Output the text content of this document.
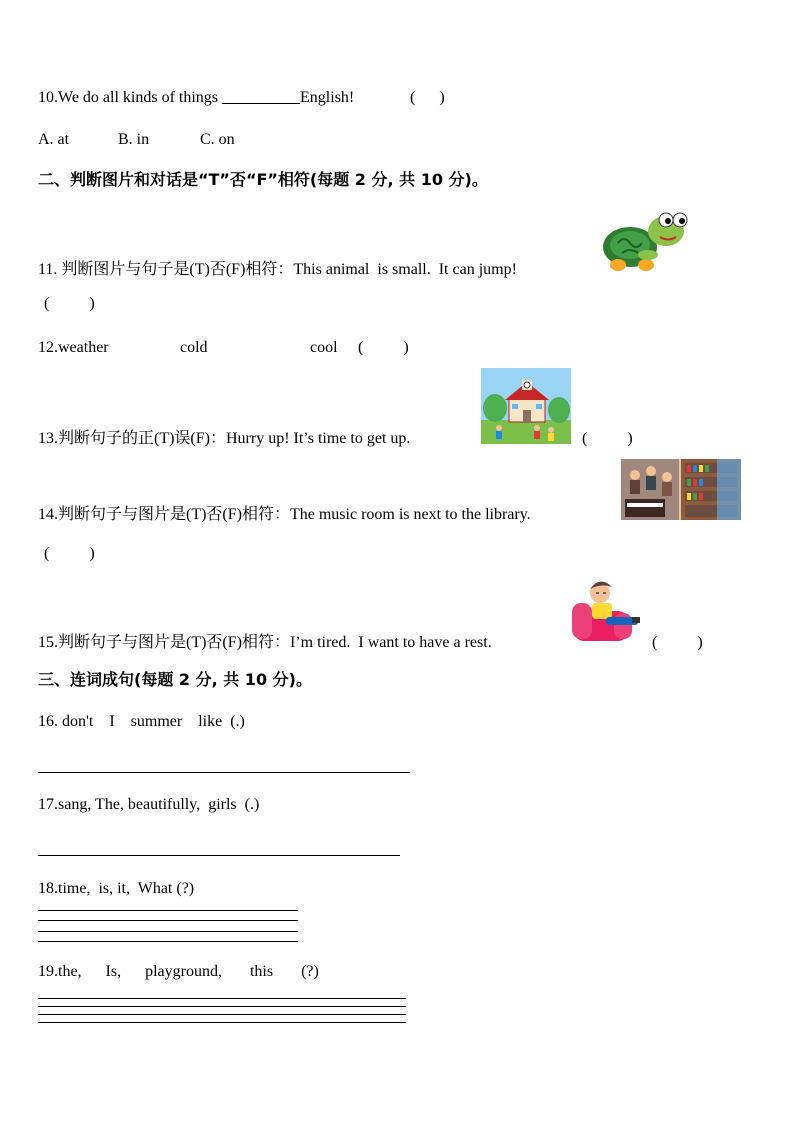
10.We do all kinds of things	English!	(      )
A. at	B. in	C. on
二、判断图片和对话是“T”否“F”相符(每题 2 分, 共 10 分)。
11. 判断图片与句子是(T)否(F)相符：This animal  is small.  It can jump!
(          )
12.weather	cold	cool (          )
13.判断句子的正(T)误(F)：Hurry up! It’s time to get up.	(          )
14.判断句子与图片是(T)否(F)相符：The music room is next to the library.
(          )
15.判断句子与图片是(T)否(F)相符：I’m tired.  I want to have a rest.	(          )
三、连词成句(每题 2 分, 共 10 分)。
16. don't    I    summer    like  (.)
17.sang, The, beautifully,  girls  (.)
18.time,  is, it,  What (?)
19.the,      Is,      playground,       this       (?)
